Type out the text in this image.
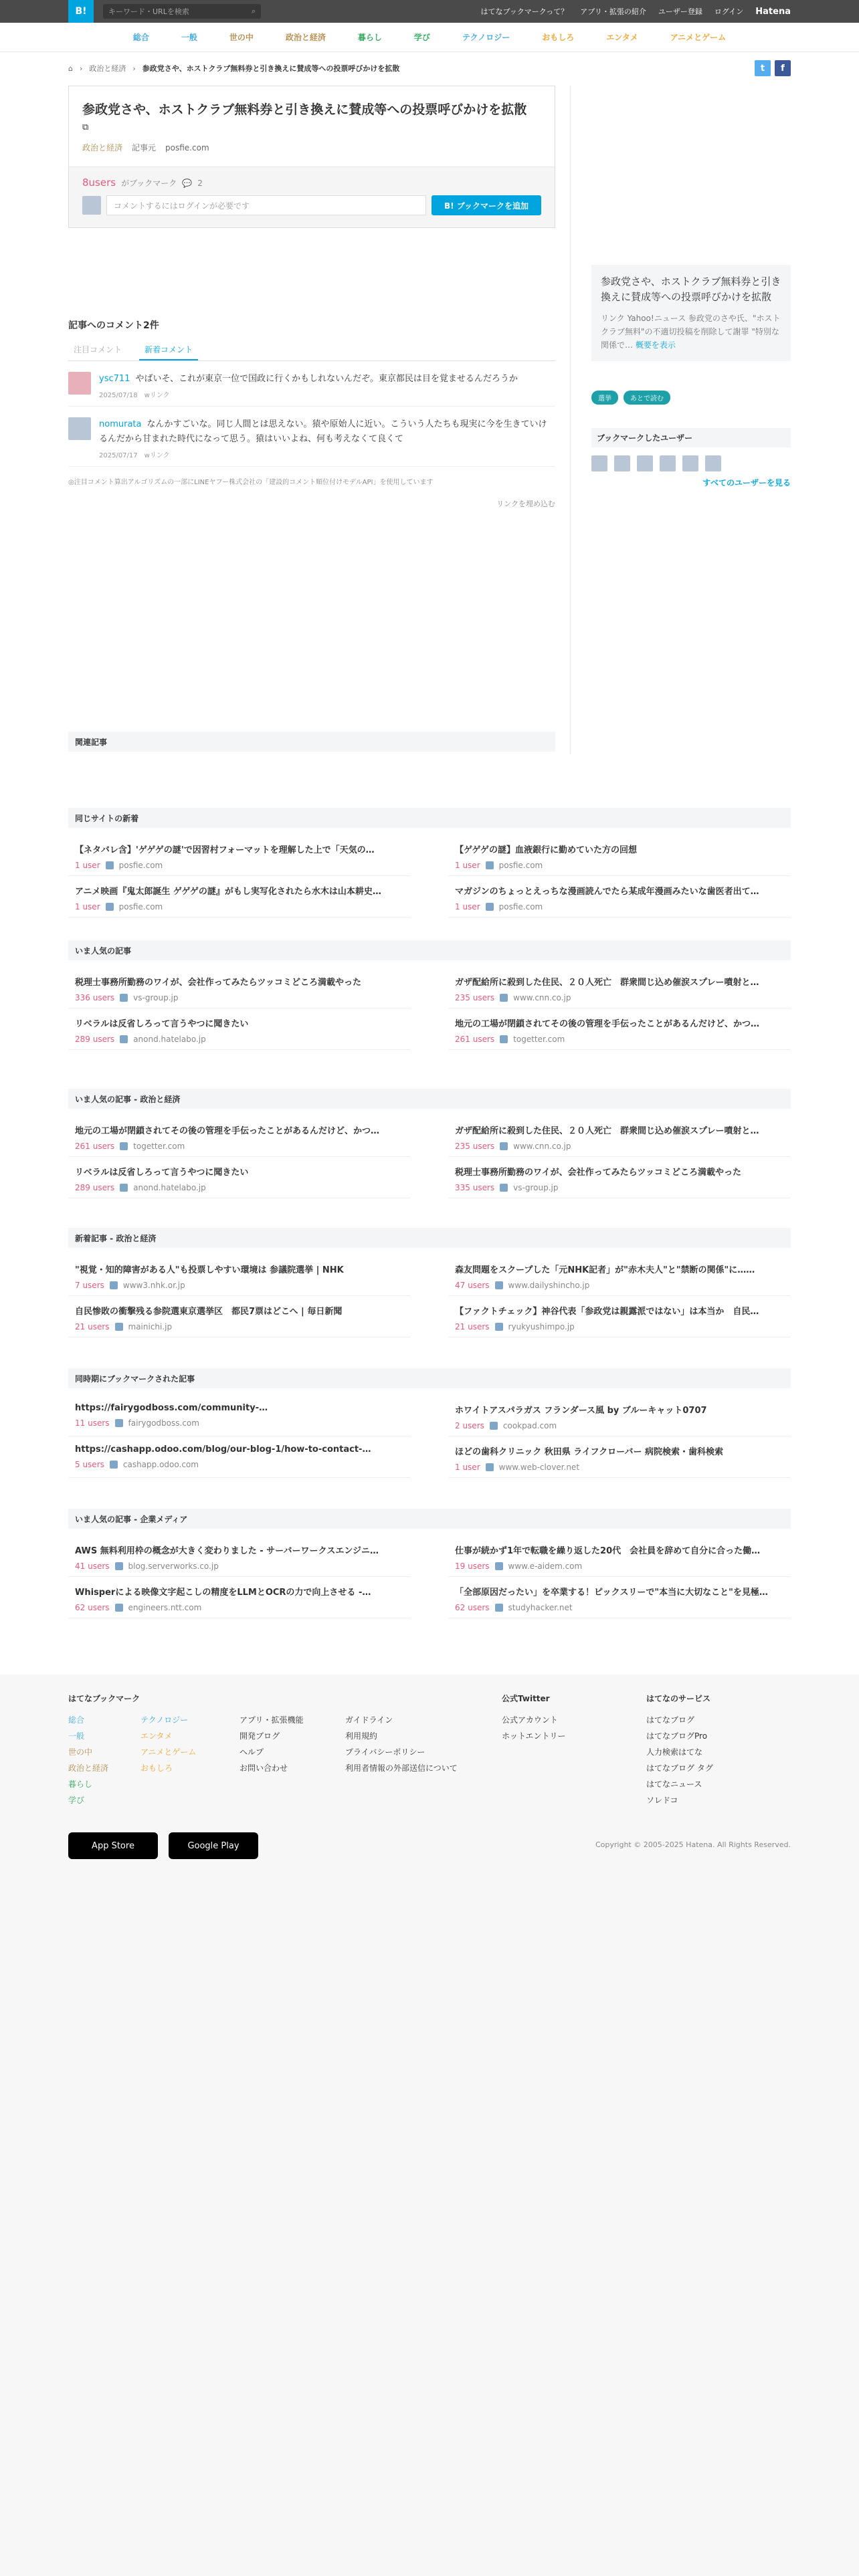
B!	キーワード・URLを検索	⌕	はてなブックマークって？ アプリ・拡張の紹介 ユーザー登録 ログイン Hatena
総合	一般	世の中	政治と経済	暮らし	学び	テクノロジー	おもしろ	エンタメ	アニメとゲーム
⌂ › 政治と経済 › 参政党さや、ホストクラブ無料券と引き換えに賛成等への投票呼びかけを拡散	t	f
参政党さや、ホストクラブ無料券と引き換えに賛成等への投票呼びかけを拡散
⧉
政治と経済 記事元 posfie.com
8users がブックマーク 💬 2
コメントするにはログインが必要です	B! ブックマークを追加
参政党さや、ホストクラブ無料券と引き換えに賛成等への投票呼びかけを拡散

リンク Yahoo!ニュース 参政党のさや氏、"ホストクラブ無料"の不適切投稿を削除して謝罪 "特別な関係で… 概要を表示

選挙	あとで読む
ブックマークしたユーザー
すべてのユーザーを見る
記事へのコメント2件
注目コメント	新着コメント
ysc711 やばいそ、これが東京一位で国政に行くかもしれないんだぞ。東京都民は目を覚ませるんだろうか
2025/07/18　 wリンク
nomurata なんかすごいな。同じ人間とは思えない。猿や原始人に近い。こういう人たちも現実に今を生きていけるんだから甘まれた時代になって思う。猿はいいよね、何も考えなくて良くて
2025/07/17　 wリンク
◎注目コメント算出アルゴリズムの一部にLINEヤフー株式会社の「建設的コメント順位付けモデルAPI」を使用しています
リンクを埋め込む
関連記事
同じサイトの新着
【ネタバレ含】'ゲゲゲの謎'で因習村フォーマットを理解した上で「天気の…
1 user posfie.com
【ゲゲゲの謎】血液銀行に勤めていた方の回想
1 user posfie.com
アニメ映画『鬼太郎誕生 ゲゲゲの謎』がもし実写化されたら水木は山本耕史…
1 user posfie.com
マガジンのちょっとえっちな漫画読んでたら某成年漫画みたいな歯医者出て…
1 user posfie.com
いま人気の記事
税理士事務所勤務のワイが、会社作ってみたらツッコミどころ満載やった
336 users vs-group.jp
ガザ配給所に殺到した住民、２０人死亡　群衆間じ込め催涙スプレー噴射と…
235 users www.cnn.co.jp
リベラルは反省しろって言うやつに聞きたい
289 users anond.hatelabo.jp
地元の工場が閉鎖されてその後の管理を手伝ったことがあるんだけど、かつ…
261 users togetter.com
いま人気の記事 - 政治と経済
地元の工場が閉鎖されてその後の管理を手伝ったことがあるんだけど、かつ…
261 users togetter.com
ガザ配給所に殺到した住民、２０人死亡　群衆間じ込め催涙スプレー噴射と…
235 users www.cnn.co.jp
リベラルは反省しろって言うやつに聞きたい
289 users anond.hatelabo.jp
税理士事務所勤務のワイが、会社作ってみたらツッコミどころ満載やった
335 users vs-group.jp
新着記事 - 政治と経済
"視覚・知的障害がある人"も投票しやすい環境は 参議院選挙 | NHK
7 users www3.nhk.or.jp
森友問題をスクープした「元NHK記者」が"赤木夫人"と"禁断の関係"に……
47 users www.dailyshincho.jp
自民惨敗の衝撃残る参院選東京選挙区　都民7票はどこへ | 毎日新聞
21 users mainichi.jp
【ファクトチェック】神谷代表「参政党は親露派ではない」は本当か　自民…
21 users ryukyushimpo.jp
同時期にブックマークされた記事
https://fairygodboss.com/community-…
11 users fairygodboss.com
ホワイトアスパラガス フランダース風 by ブルーキャット0707
2 users cookpad.com
https://cashapp.odoo.com/blog/our-blog-1/how-to-contact-…
5 users cashapp.odoo.com
ほどの歯科クリニック 秋田県 ライフクローバー 病院検索・歯科検索
1 user www.web-clover.net
いま人気の記事 - 企業メディア
AWS 無料利用枠の概念が大きく変わりました - サーバーワークスエンジニ…
41 users blog.serverworks.co.jp
仕事が続かず1年で転職を繰り返した20代　会社員を辞めて自分に合った働…
19 users www.e-aidem.com
Whisperによる映像文字起こしの精度をLLMとOCRの力で向上させる -…
62 users engineers.ntt.com
「全部原因だったい」を卒業する！ピックスリーで"本当に大切なこと"を見極…
62 users studyhacker.net
はてなブックマーク
総合
一般
世の中
政治と経済
暮らし
学び
テクノロジー
エンタメ
アニメとゲーム
おもしろ
アプリ・拡張機能
開発ブログ
ヘルプ
お問い合わせ
ガイドライン
利用規約
プライバシーポリシー
利用者情報の外部送信について
公式Twitter
公式アカウント
ホットエントリー
はてなのサービス
はてなブログ
はてなブログPro
人力検索はてな
はてなブログ タグ
はてなニュース
ソレドコ
App Store	Google Play	Copyright © 2005-2025 Hatena. All Rights Reserved.
